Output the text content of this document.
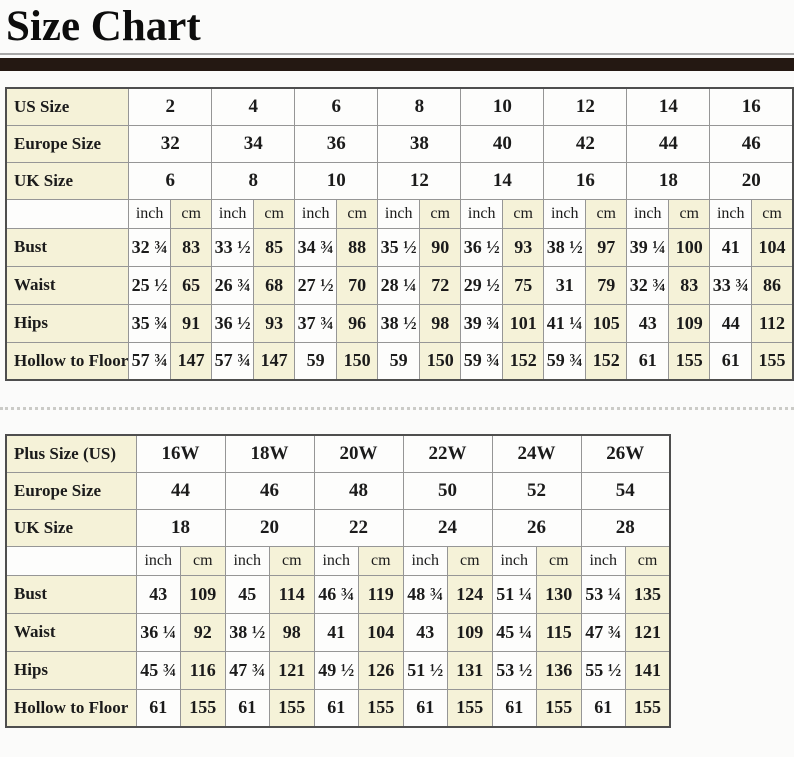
Size Chart
US Size	2		4		6		8		10		12		14		16	
Europe Size	32		34		36		38		40		42		44		46	
UK Size	6		8		10		12		14		16		18		20	
	inch	cm	inch	cm	inch	cm	inch	cm	inch	cm	inch	cm	inch	cm	inch	cm
Bust	32 ¾	83	33 ½	85	34 ¾	88	35 ½	90	36 ½	93	38 ½	97	39 ¼	100	41	104
Waist	25 ½	65	26 ¾	68	27 ½	70	28 ¼	72	29 ½	75	31	79	32 ¾	83	33 ¾	86
Hips	35 ¾	91	36 ½	93	37 ¾	96	38 ½	98	39 ¾	101	41 ¼	105	43	109	44	112
Hollow to Floor	57 ¾	147	57 ¾	147	59	150	59	150	59 ¾	152	59 ¾	152	61	155	61	155
Plus Size (US)	16W		18W		20W		22W		24W		26W	
Europe Size	44		46		48		50		52		54	
UK Size	18		20		22		24		26		28	
	inch	cm	inch	cm	inch	cm	inch	cm	inch	cm	inch	cm
Bust	43	109	45	114	46 ¾	119	48 ¾	124	51 ¼	130	53 ¼	135
Waist	36 ¼	92	38 ½	98	41	104	43	109	45 ¼	115	47 ¾	121
Hips	45 ¾	116	47 ¾	121	49 ½	126	51 ½	131	53 ½	136	55 ½	141
Hollow to Floor	61	155	61	155	61	155	61	155	61	155	61	155
